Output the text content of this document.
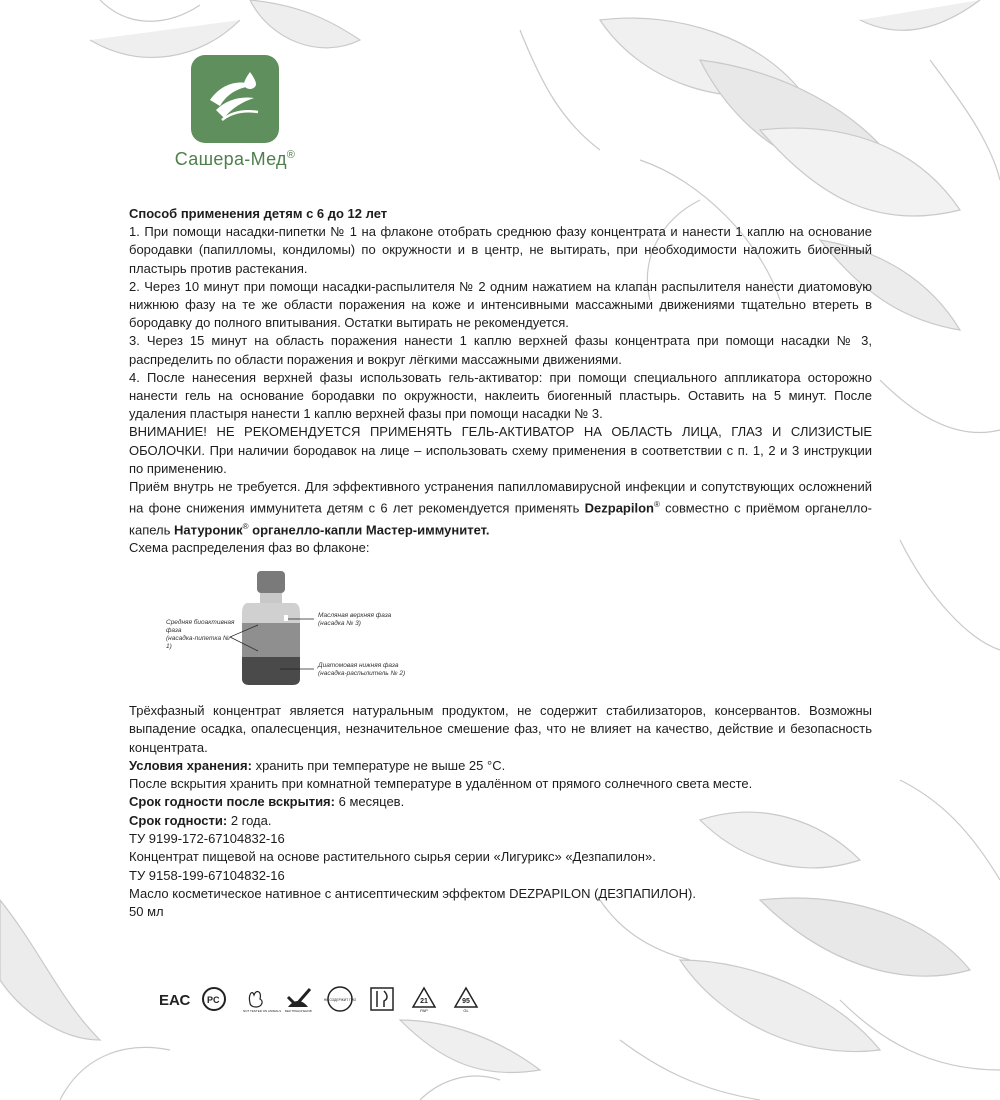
Сашера-Мед®

Способ применения детям с 6 до 12 лет

1. При помощи насадки-пипетки № 1 на флаконе отобрать среднюю фазу концентрата и нанести 1 каплю на основание бородавки (папилломы, кондиломы) по окружности и в центр, не вытирать, при необходимости наложить биогенный пластырь против растекания.

2. Через 10 минут при помощи насадки-распылителя № 2 одним нажатием на клапан распылителя нанести диатомовую нижнюю фазу на те же области поражения на коже и интенсивными массажными движениями тщательно втереть в бородавку до полного впитывания. Остатки вытирать не рекомендуется.

3. Через 15 минут на область поражения нанести 1 каплю верхней фазы концентрата при помощи насадки № 3, распределить по области поражения и вокруг лёгкими массажными движениями.

4. После нанесения верхней фазы использовать гель-активатор: при помощи специального аппликатора осторожно нанести гель на основание бородавки по окружности, наклеить биогенный пластырь. Оставить на 5 минут. После удаления пластыря нанести 1 каплю верхней фазы при помощи насадки № 3.

ВНИМАНИЕ! НЕ РЕКОМЕНДУЕТСЯ ПРИМЕНЯТЬ ГЕЛЬ-АКТИВАТОР НА ОБЛАСТЬ ЛИЦА, ГЛАЗ И СЛИЗИСТЫЕ ОБОЛОЧКИ. При наличии бородавок на лице – использовать схему применения в соответствии с п. 1, 2 и 3 инструкции по применению.

Приём внутрь не требуется. Для эффективного устранения папилломавирусной инфекции и сопутствующих осложнений на фоне снижения иммунитета детям с 6 лет рекомендуется применять Dezpapilon® совместно с приёмом органелло-капель Натуроник® органелло-капли Мастер-иммунитет.

Схема распределения фаз во флаконе:

Средняя биоактивная фаза
(насадка-пипетка № 1)
Масляная верхняя фаза
(насадка № 3)
Диатомовая нижняя фаза
(насадка-распылитель № 2)

Трёхфазный концентрат является натуральным продуктом, не содержит стабилизаторов, консервантов. Возможны выпадение осадка, опалесценция, незначительное смешение фаз, что не влияет на качество, действие и безопасность концентрата.

Условия хранения: хранить при температуре не выше 25 °С.

После вскрытия хранить при комнатной температуре в удалённом от прямого солнечного света месте.

Срок годности после вскрытия: 6 месяцев.

Срок годности: 2 года.

ТУ 9199-172-67104832-16

Концентрат пищевой на основе растительного сырья серии «Лигурикс» «Дезпапилон».

ТУ 9158-199-67104832-16

Масло косметическое нативное с антисептическим эффектом DEZPAPILON (ДЕЗПАПИЛОН).

50 мл

ЕАС PC
NOT TESTED ON ANIMALS БЕЗ ТРАНСГЕНОВ
НЕ СОДЕРЖИТ ГМО	21
PAP
95
GL
